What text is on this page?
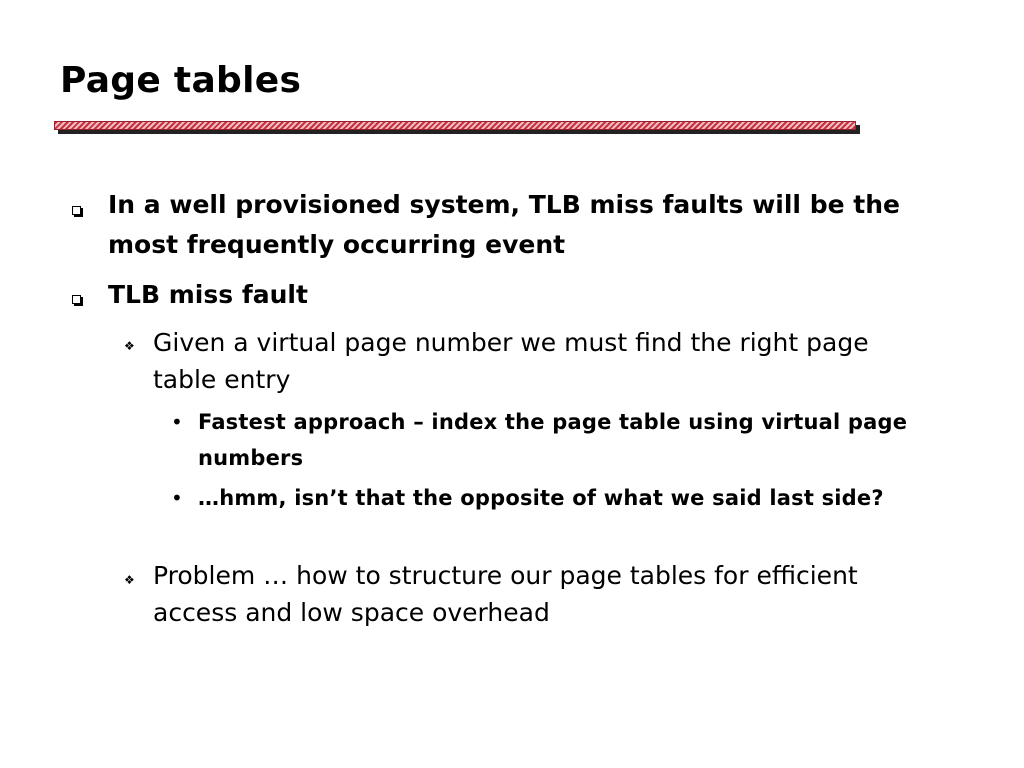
Page tables
In a well provisioned system, TLB miss faults will be the most frequently occurring event
TLB miss fault
❖ Given a virtual page number we must find the right page table entry
• Fastest approach – index the page table using virtual page numbers
• …hmm, isn’t that the opposite of what we said last side?
❖ Problem … how to structure our page tables for efficient access and low space overhead
